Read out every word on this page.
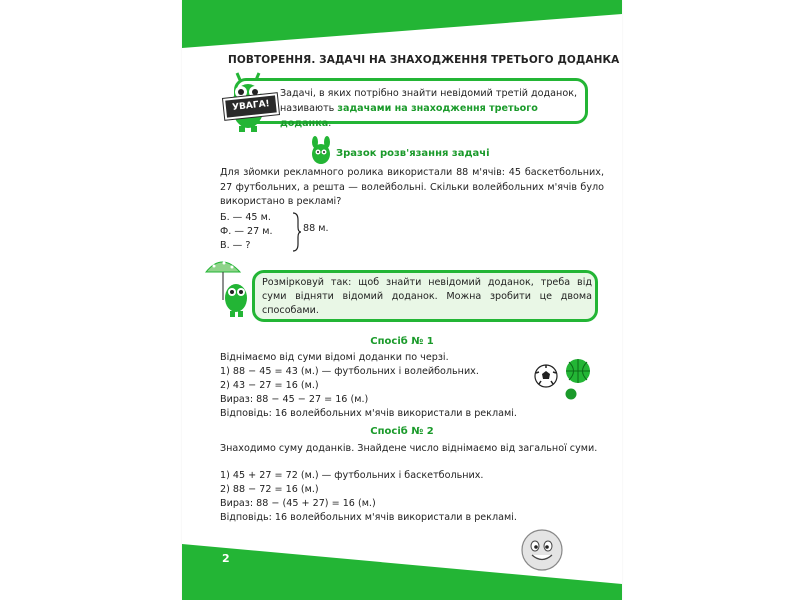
ПОВТОРЕННЯ. ЗАДАЧІ НА ЗНАХОДЖЕННЯ ТРЕТЬОГО ДОДАНКА
УВАГА!
Задачі, в яких потрібно знайти невідомий третій доданок, називають задачами на знаходження третього доданка.
Зразок розв'язання задачі
Для зйомки рекламного ролика використали 88 м'ячів: 45 баскетбольних, 27 футбольних, а решта — волейбольні. Скільки волейбольних м'ячів було використано в рекламі?
Б. — 45 м.
Ф. — 27 м.
В. — ?
88 м.
Розмірковуй так: щоб знайти невідомий доданок, треба від суми відняти відомий доданок. Можна зробити це двома способами.
Спосіб № 1
Віднімаємо від суми відомі доданки по черзі.
1) 88 − 45 = 43 (м.) — футбольних і волейбольних.
2) 43 − 27 = 16 (м.)
Вираз: 88 − 45 − 27 = 16 (м.)
Відповідь: 16 волейбольних м'ячів використали в рекламі.
Спосіб № 2
Знаходимо суму доданків. Знайдене число віднімаємо від загальної суми.
1) 45 + 27 = 72 (м.) — футбольних і баскетбольних.
2) 88 − 72 = 16 (м.)
Вираз: 88 − (45 + 27) = 16 (м.)
Відповідь: 16 волейбольних м'ячів використали в рекламі.
2
